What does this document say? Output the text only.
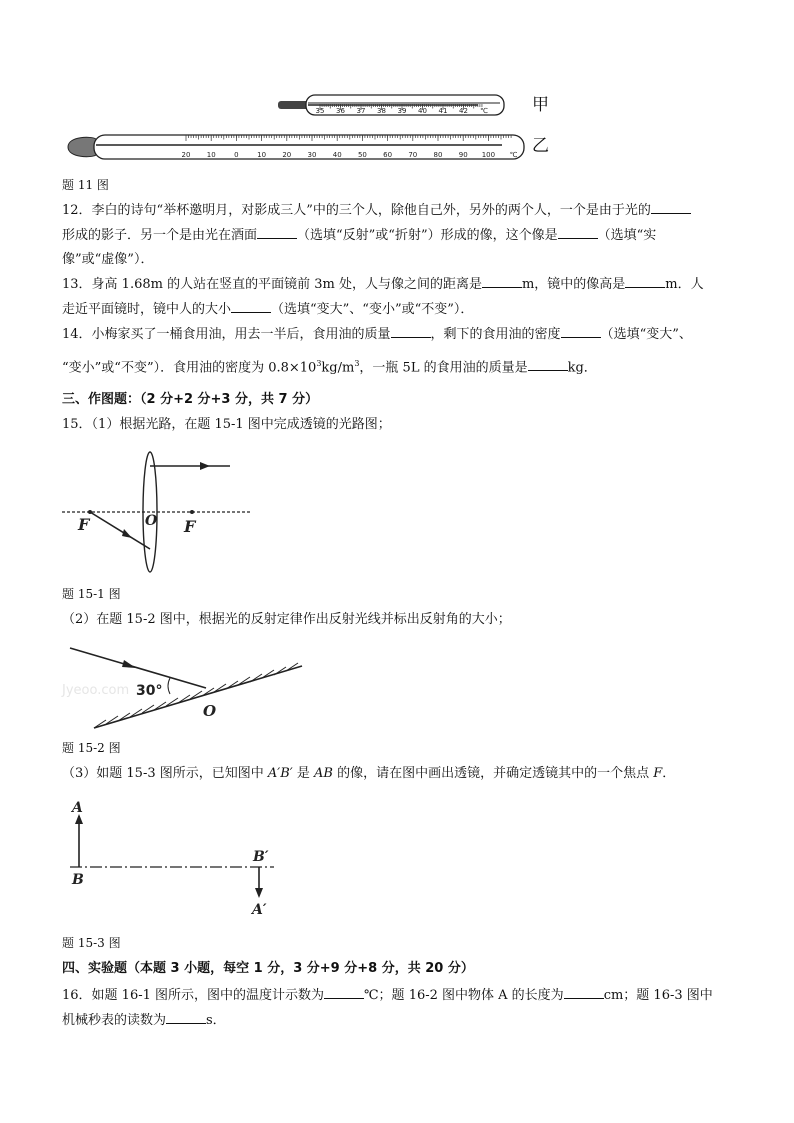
35 36 37 38 39 40 41 42 ℃	甲
20 10	0	10 20 30 40 50 60 70 80 90 100 ℃ 乙
题 11 图
12．李白的诗句“举杯邀明月，对影成三人”中的三个人，除他自己外，另外的两个人，一个是由于光的
形成的影子．另一个是由光在酒面	（选填“反射”或“折射”）形成的像，这个像是	（选填“实
像”或“虚像”）．
13．身高 1.68m 的人站在竖直的平面镜前 3m 处，人与像之间的距离是	m，镜中的像高是	m．人
走近平面镜时，镜中人的大小	（选填“变大”、“变小”或“不变”）．
14．小梅家买了一桶食用油，用去一半后，食用油的质量	，剩下的食用油的密度	（选填“变大”、
“变小”或“不变”）．食用油的密度为 $0.8\times 10^3kg/m^3$，一瓶 5L 的食用油的质量是	kg．
三、作图题：（2 分+2 分+3 分，共 7 分）
15．（1）根据光路，在题 15-1 图中完成透镜的光路图；
F	O F
题 15-1 图
（2）在题 15-2 图中，根据光的反射定律作出反射光线并标出反射角的大小；
Jyeoo.com 30°
O
题 15-2 图
（3）如题 15-3 图所示，已知图中 A′B′ 是 AB 的像，请在图中画出透镜，并确定透镜其中的一个焦点 F．
A
B
B′
A′
题 15-3 图
四、实验题（本题 3 小题，每空 1 分，3 分+9 分+8 分，共 20 分）
16．如题 16-1 图所示，图中的温度计示数为	℃；题 16-2 图中物体 A 的长度为	cm；题 16-3 图中
机械秒表的读数为	s．
